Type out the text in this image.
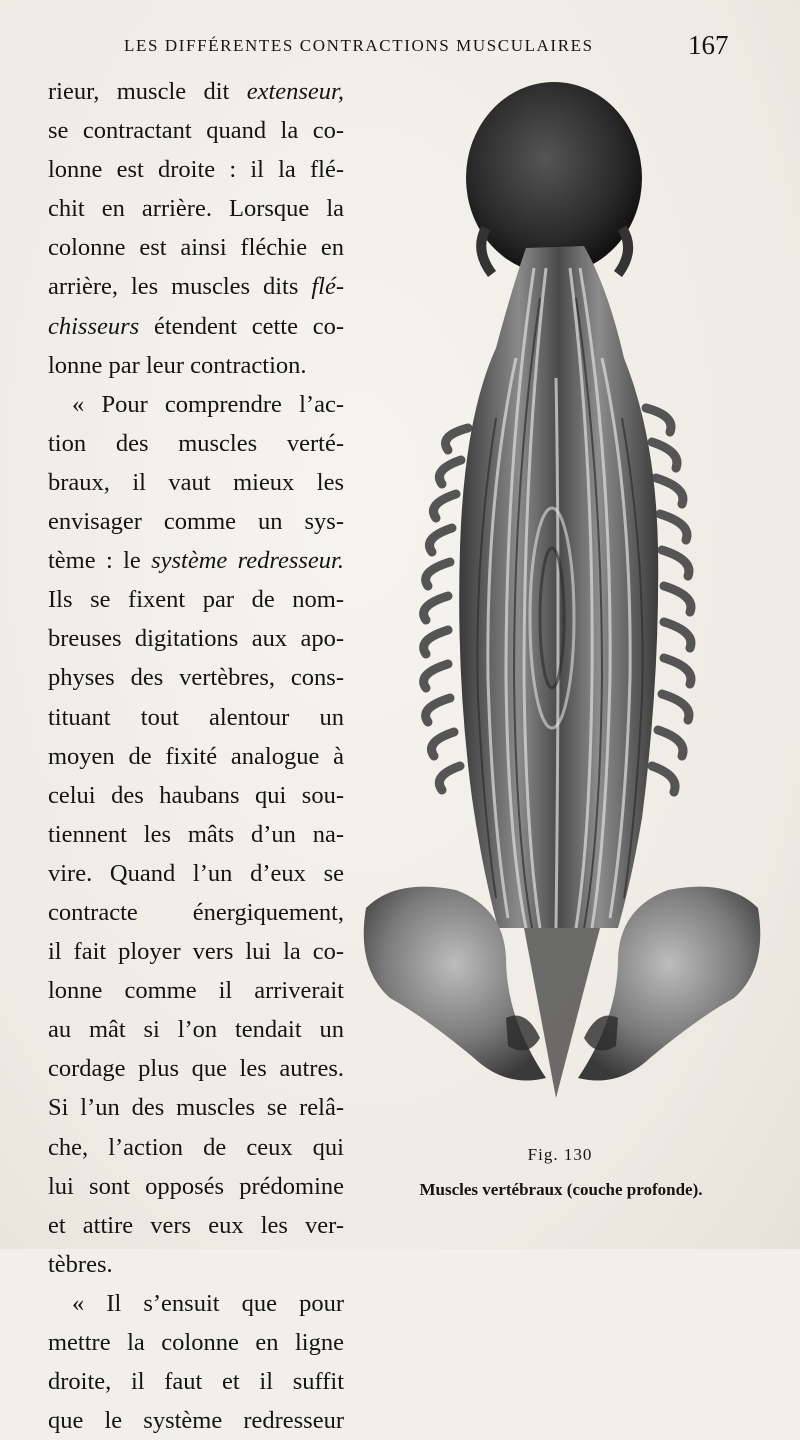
LES DIFFÉRENTES CONTRACTIONS MUSCULAIRES	167
rieur, muscle dit extenseur,
se contractant quand la co-
lonne est droite : il la flé-
chit en arrière. Lorsque la
colonne est ainsi fléchie en
arrière, les muscles dits flé-
chisseurs étendent cette co-
lonne par leur contraction.
« Pour comprendre l’ac-
tion des muscles verté-
braux, il vaut mieux les
envisager comme un sys-
tème : le système redresseur.
Ils se fixent par de nom-
breuses digitations aux apo-
physes des vertèbres, cons-
tituant tout alentour un
moyen de fixité analogue à
celui des haubans qui sou-
tiennent les mâts d’un na-
vire. Quand l’un d’eux se
contracte énergiquement,
il fait ployer vers lui la co-
lonne comme il arriverait
au mât si l’on tendait un
cordage plus que les autres.
Si l’un des muscles se relâ-
che, l’action de ceux qui
lui sont opposés prédomine
et attire vers eux les ver-
tèbres.
« Il s’ensuit que pour
mettre la colonne en ligne
droite, il faut et il suffit
que le système redresseur
Fig. 130
Muscles vertébraux (couche profonde).
